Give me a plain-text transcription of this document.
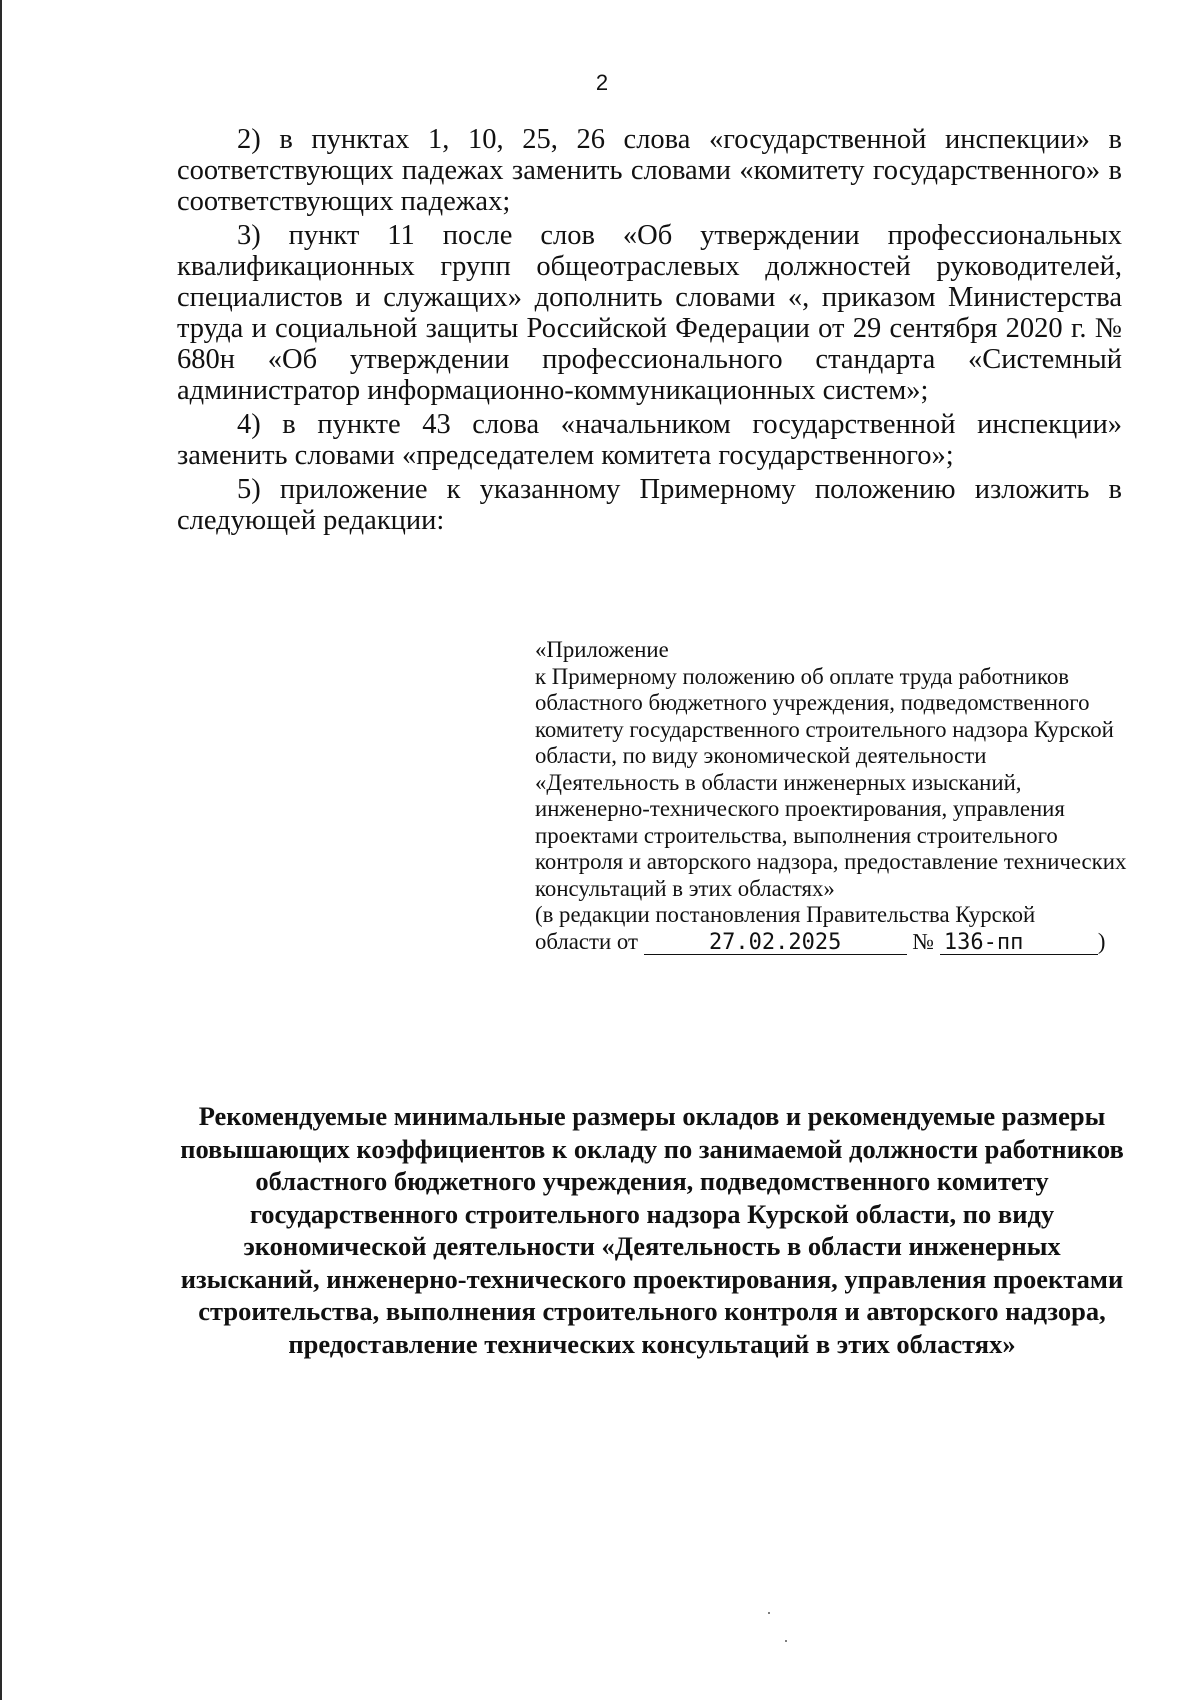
2

2) в пунктах 1, 10, 25, 26 слова «государственной инспекции» в соответствующих падежах заменить словами «комитету государственного» в соответствующих падежах;

3) пункт 11 после слов «Об утверждении профессиональных квалификационных групп общеотраслевых должностей руководителей, специалистов и служащих» дополнить словами «, приказом Министерства труда и социальной защиты Российской Федерации от 29 сентября 2020 г. № 680н «Об утверждении профессионального стандарта «Системный администратор информационно-коммуникационных систем»;

4) в пункте 43 слова «начальником государственной инспекции» заменить словами «председателем комитета государственного»;

5) приложение к указанному Примерному положению изложить в следующей редакции:

«Приложение

к Примерному положению об оплате труда работников областного бюджетного учреждения, подведомственного комитету государственного строительного надзора Курской области, по виду экономической деятельности «Деятельность в области инженерных изысканий, инженерно-технического проектирования, управления проектами строительства, выполнения строительного контроля и авторского надзора, предоставление технических консультаций в этих областях»

(в редакции постановления Правительства Курской

области от	27.02.2025	№ 136-пп	)

Рекомендуемые минимальные размеры окладов и рекомендуемые размеры повышающих коэффициентов к окладу по занимаемой должности работников областного бюджетного учреждения, подведомственного комитету государственного строительного надзора Курской области, по виду экономической деятельности «Деятельность в области инженерных изысканий, инженерно-технического проектирования, управления проектами строительства, выполнения строительного контроля и авторского надзора, предоставление технических консультаций в этих областях»
